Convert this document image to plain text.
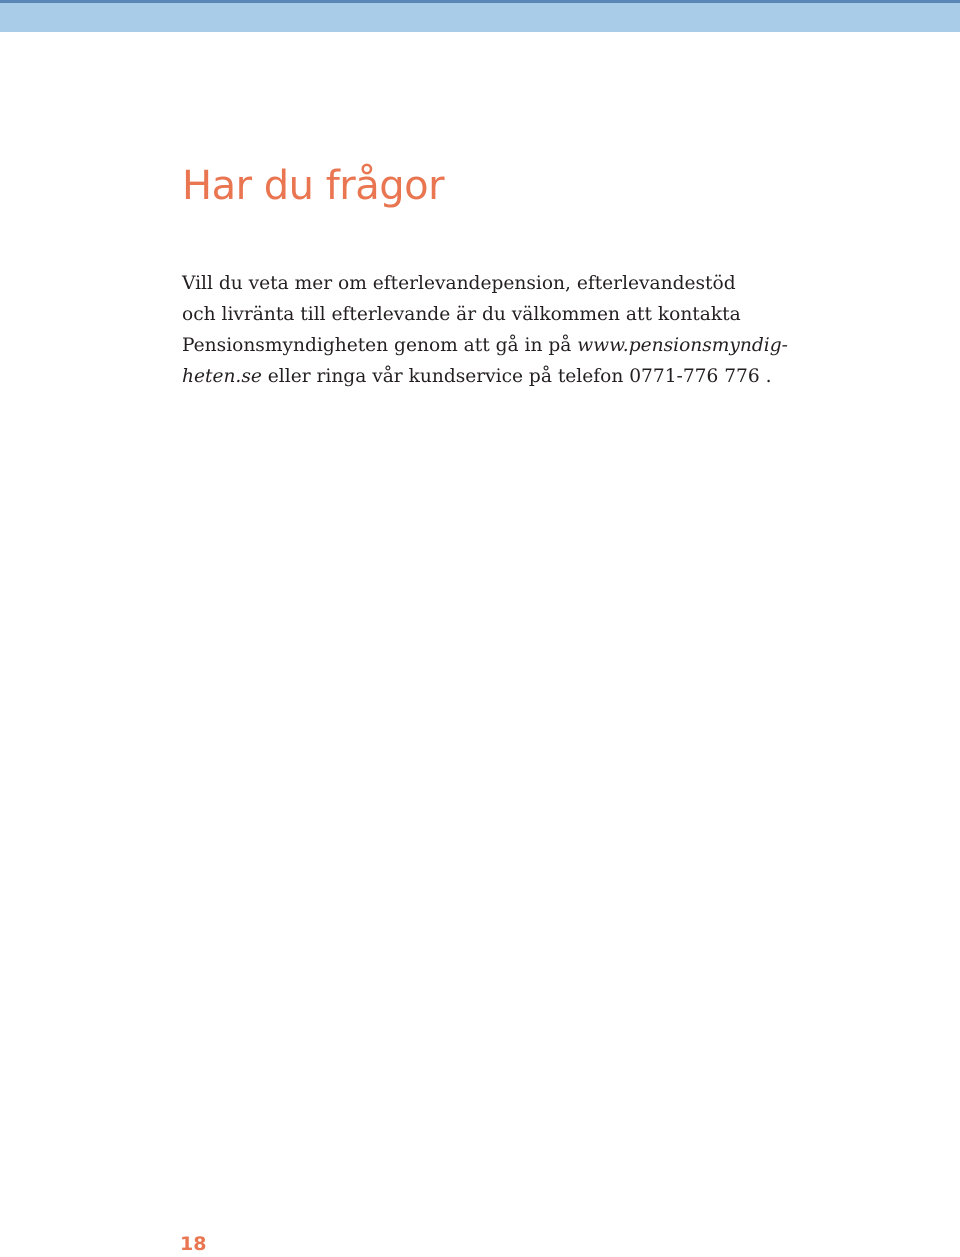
Har du frågor

Vill du veta mer om efterlevandepension, efterlevandestöd
och livränta till efterlevande är du välkommen att kontakta
Pensionsmyndigheten genom att gå in på www.pensionsmyndig-
heten.se eller ringa vår kundservice på telefon 0771-776 776 .

18
